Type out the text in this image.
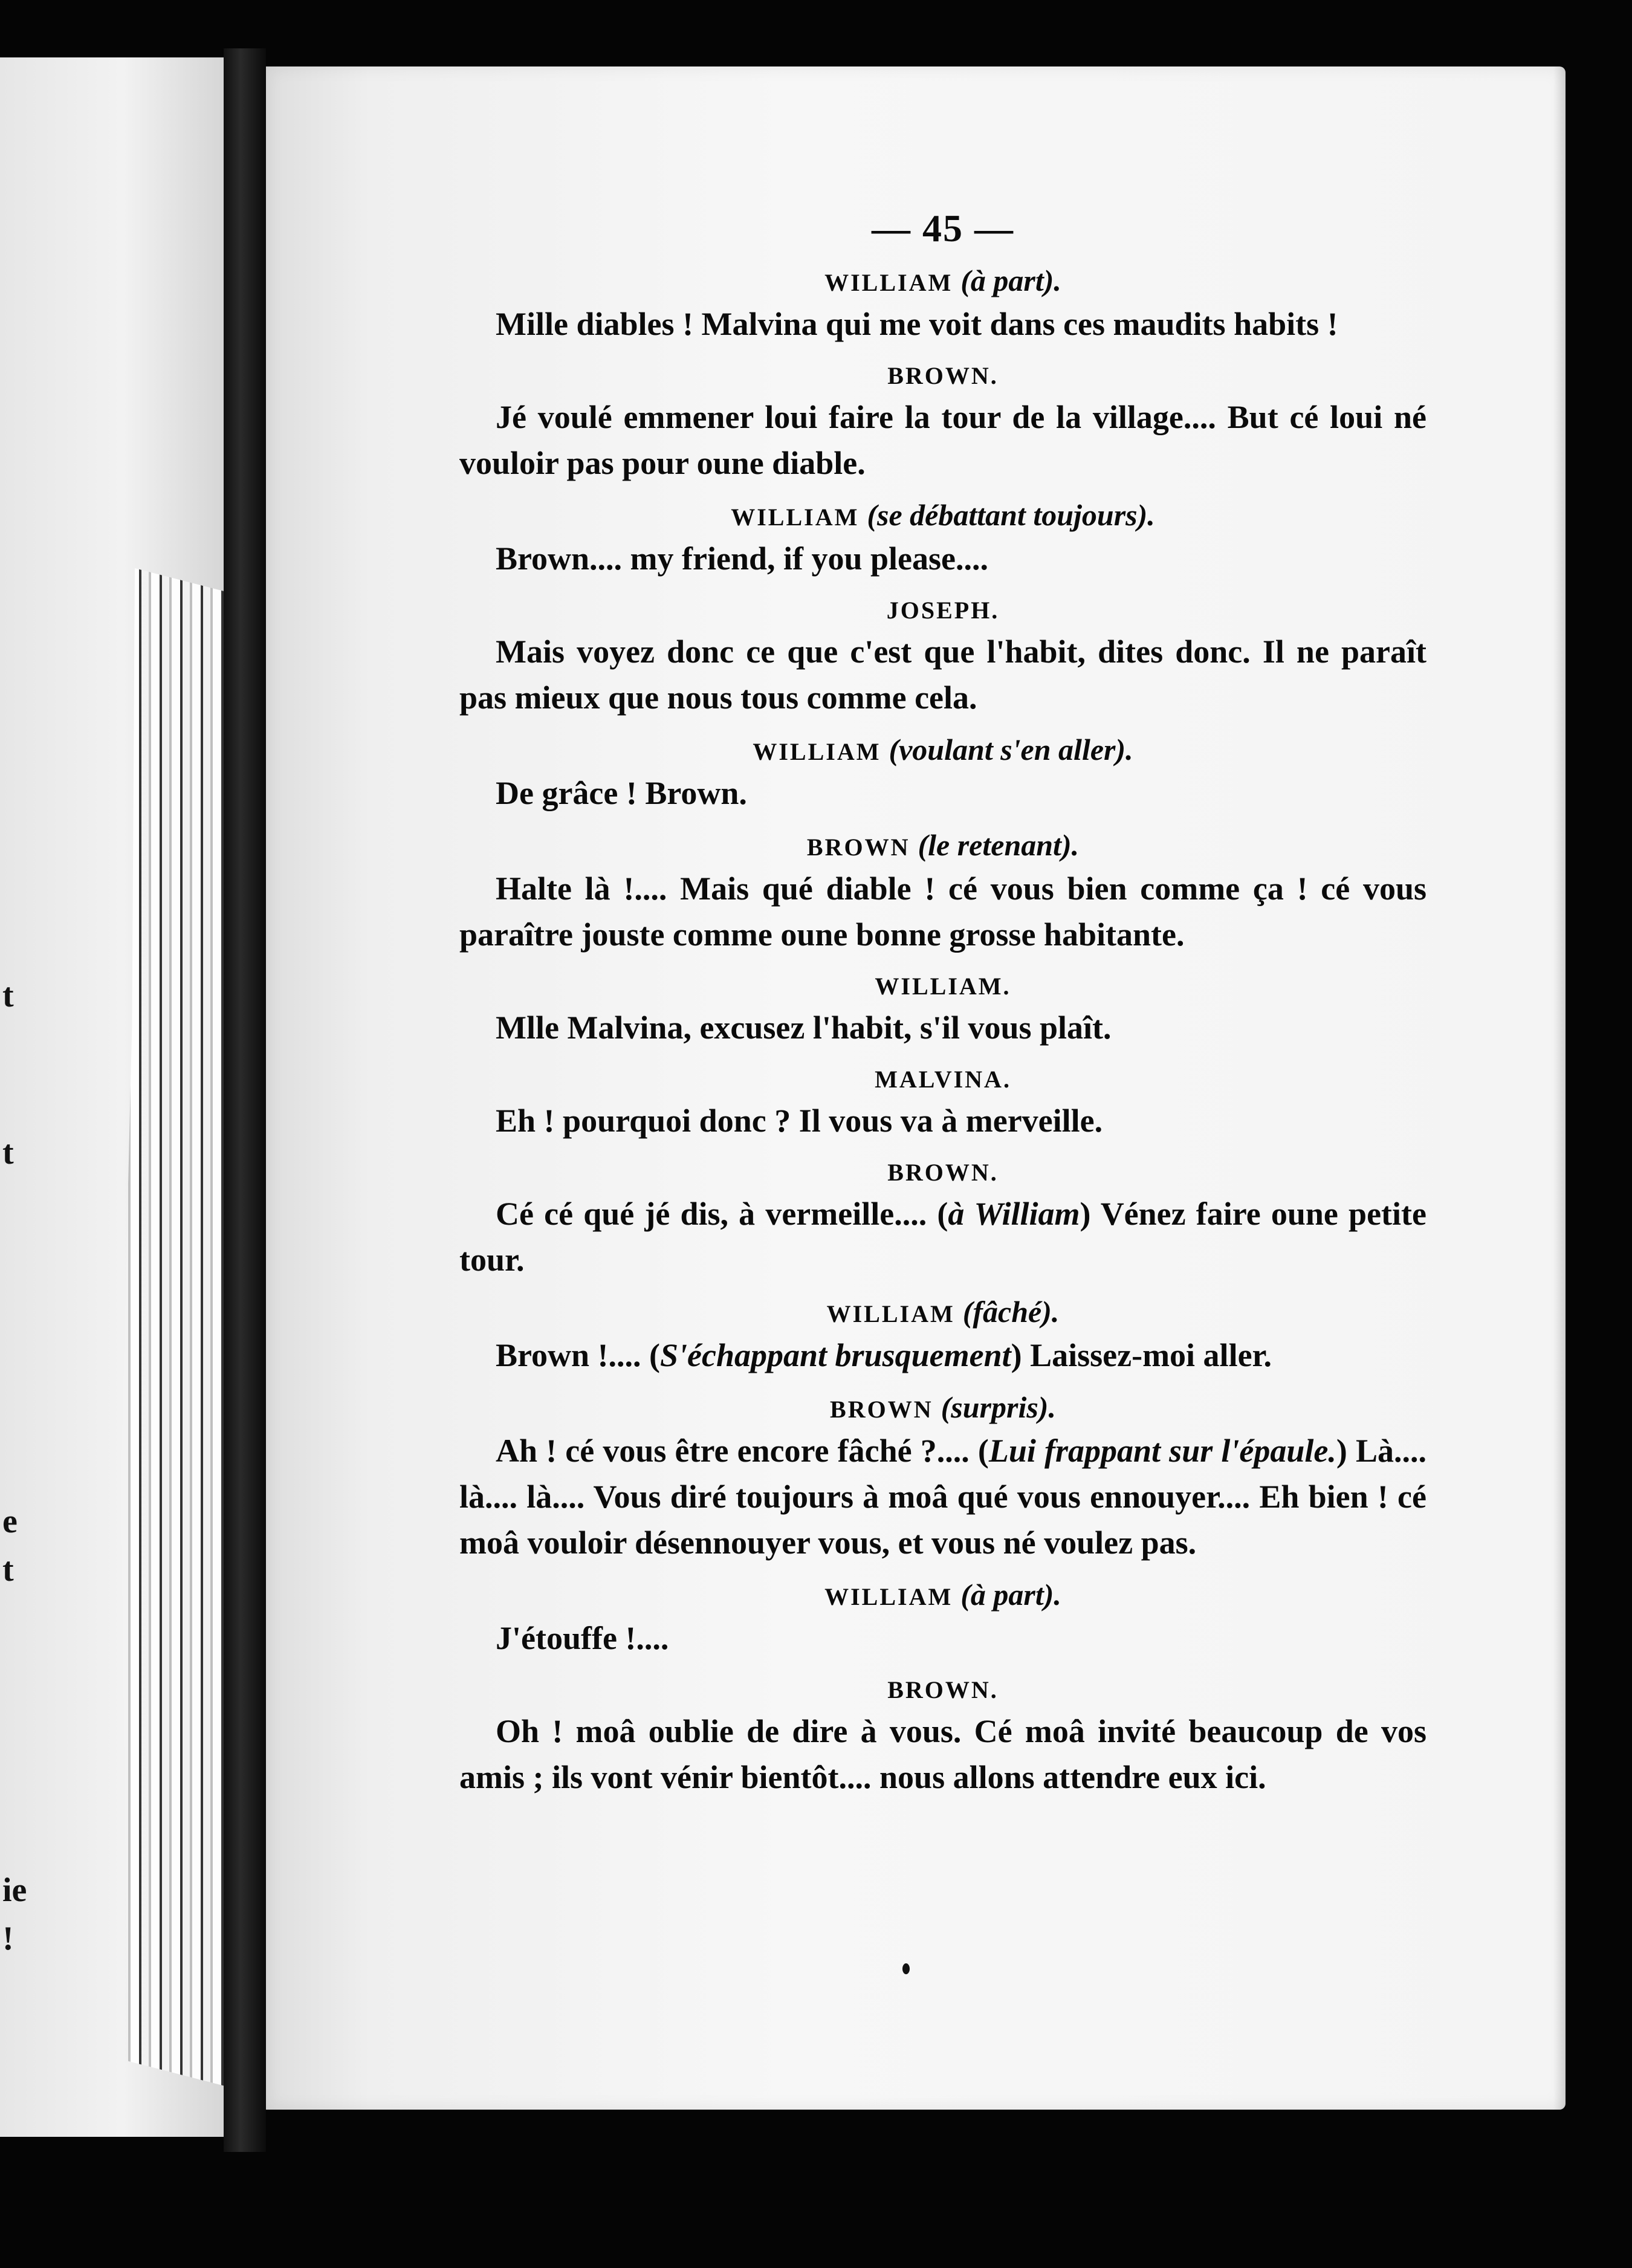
t
t
e
ie
!
t
— 45 —
WILLIAM (à part).

Mille diables ! Malvina qui me voit dans ces maudits habits !

BROWN.

Jé voulé emmener loui faire la tour de la village.... But cé loui né vouloir pas pour oune diable.

WILLIAM (se débattant toujours).

Brown.... my friend, if you please....

JOSEPH.

Mais voyez donc ce que c'est que l'habit, dites donc. Il ne paraît pas mieux que nous tous comme cela.

WILLIAM (voulant s'en aller).

De grâce ! Brown.

BROWN (le retenant).

Halte là !.... Mais qué diable ! cé vous bien comme ça ! cé vous paraître jouste comme oune bonne grosse habitante.

WILLIAM.

Mlle Malvina, excusez l'habit, s'il vous plaît.

MALVINA.

Eh ! pourquoi donc ? Il vous va à merveille.

BROWN.

Cé cé qué jé dis, à vermeille.... (à William) Vénez faire oune petite tour.

WILLIAM (fâché).

Brown !.... (S'échappant brusquement) Laissez-moi aller.

BROWN (surpris).

Ah ! cé vous être encore fâché ?.... (Lui frappant sur l'épaule.) Là.... là.... là.... Vous diré toujours à moâ qué vous ennouyer.... Eh bien ! cé moâ vouloir désennouyer vous, et vous né voulez pas.

WILLIAM (à part).

J'étouffe !....

BROWN.

Oh ! moâ oublie de dire à vous. Cé moâ invité beaucoup de vos amis ; ils vont vénir bientôt.... nous allons attendre eux ici.
